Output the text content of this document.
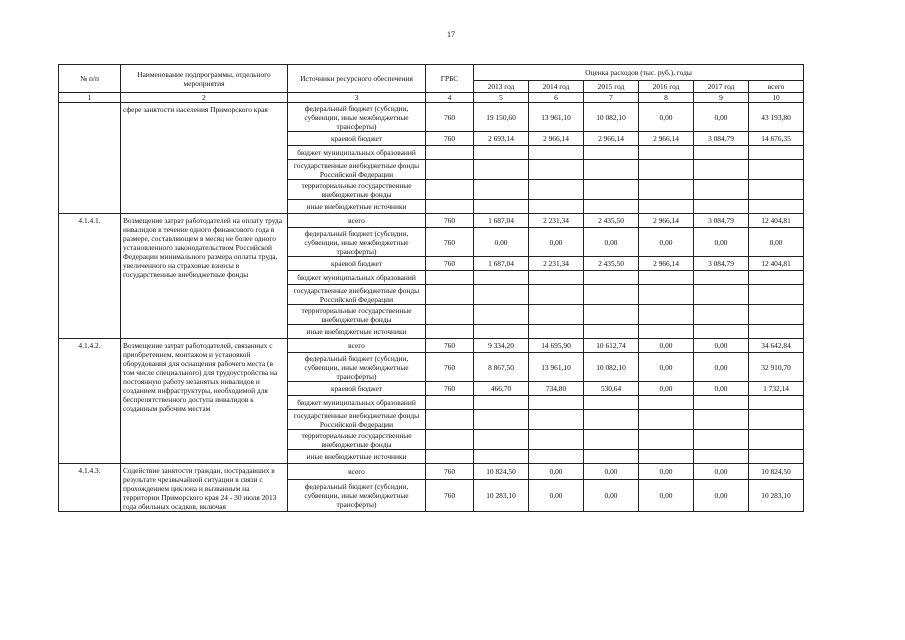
17
№ п/п	Наименование подпрограммы, отдельного мероприятия	Источники ресурсного обеспечения	ГРБС	Оценка расходов (тыс. руб.), годы					
				2013 год	2014 год	2015 год	2016 год	2017 год	всего
1	2	3	4	5	6	7	8	9	10
	сфере занятости населения Приморского края	федеральный бюджет (субсидии, субвенции, иные межбюджетные трансферты)	760	19 150,60	13 961,10	10 082,10	0,00	0,00	43 193,80
		краевой бюджет	760	2 693,14	2 966,14	2 966,14	2 966,14	3 084,79	14 676,35
		бюджет муниципальных образований							
		государственные внебюджетные фонды Российской Федерации							
		территориальные государственные внебюджетные фонды							
		иные внебюджетные источники							
4.1.4.1.	Возмещение затрат работодателей на оплату труда инвалидов в течение одного финансового года в размере, составляющем в месяц не более одного установленного законодательством Российской Федерации минимального размера оплаты труда, увеличенного на страховые взносы в государственные внебюджетные фонды	всего	760	1 687,04	2 231,34	2 435,50	2 966,14	3 084,79	12 404,81
		федеральный бюджет (субсидии, субвенции, иные межбюджетные трансферты)	760	0,00	0,00	0,00	0,00	0,00	0,00
		краевой бюджет	760	1 687,04	2 231,34	2 435,50	2 966,14	3 084,79	12 404,81
		бюджет муниципальных образований							
		государственные внебюджетные фонды Российской Федерации							
		территориальные государственные внебюджетные фонды							
		иные внебюджетные источники							
4.1.4.2.	Возмещение затрат работодателей, связанных с приобретением, монтажом и установкой оборудования для оснащения рабочего места (в том числе специального) для трудоустройства на постоянную работу незанятых инвалидов и созданием инфраструктуры, необходимой для беспрепятственного доступа инвалидов к созданным рабочим местам	всего	760	9 334,20	14 695,90	10 612,74	0,00	0,00	34 642,84
		федеральный бюджет (субсидии, субвенции, иные межбюджетные трансферты)	760	8 867,50	13 961,10	10 082,10	0,00	0,00	32 910,70
		краевой бюджет	760	466,70	734,80	530,64	0,00	0,00	1 732,14
		бюджет муниципальных образований							
		государственные внебюджетные фонды Российской Федерации							
		территориальные государственные внебюджетные фонды							
		иные внебюджетные источники							
4.1.4.3.	Содействие занятости граждан, пострадавших в результате чрезвычайной ситуации в связи с прохождением циклона и вызванным на территории Приморского края 24 - 30 июля 2013 года обильных осадков, включая	всего	760	10 824,50	0,00	0,00	0,00	0,00	10 824,50
		федеральный бюджет (субсидии, субвенции, иные межбюджетные трансферты)	760	10 283,10	0,00	0,00	0,00	0,00	10 283,10
